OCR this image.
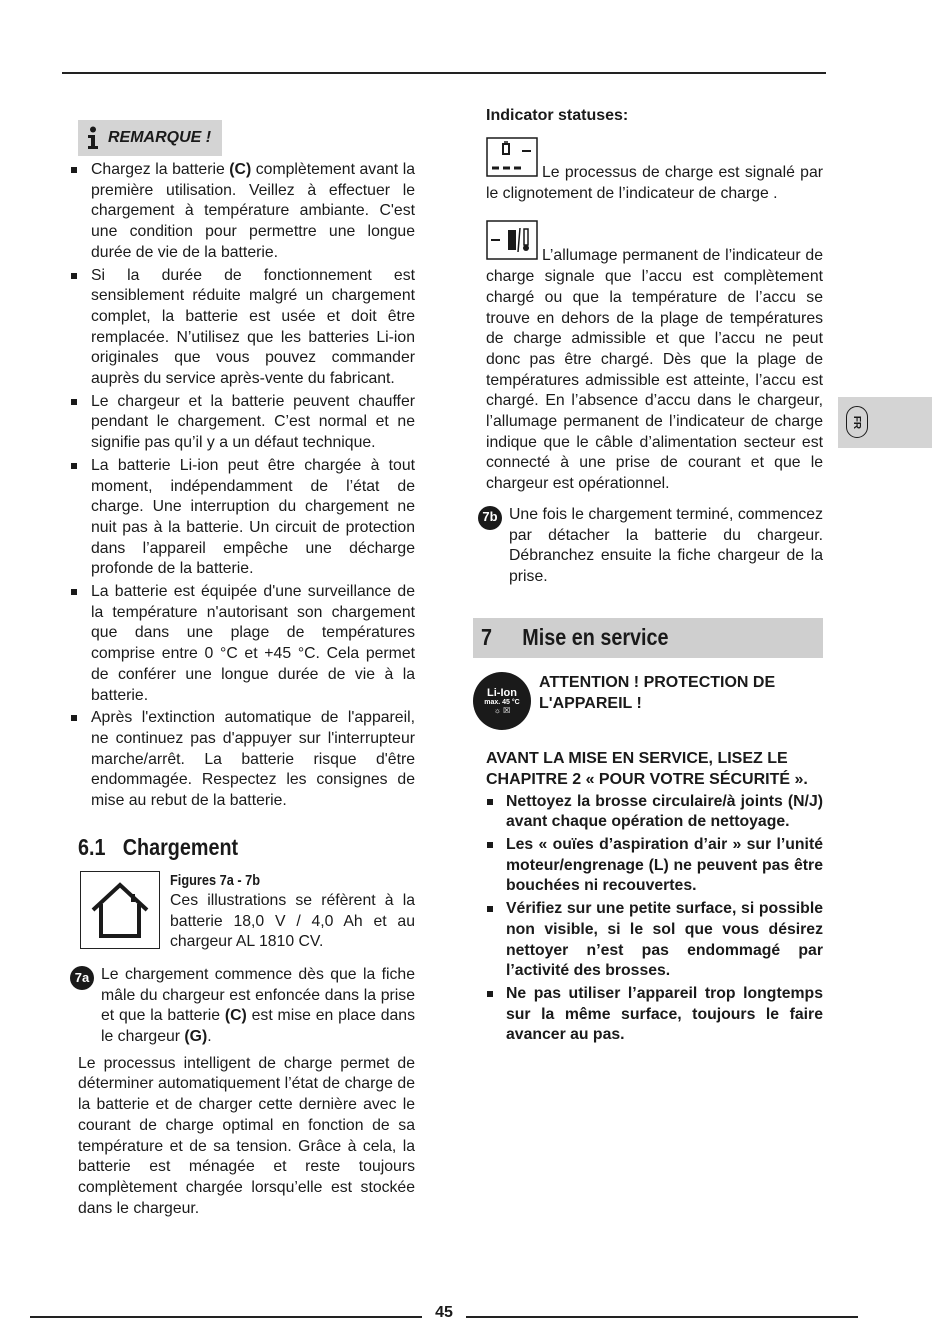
REMARQUE !
Chargez la batterie (C) complètement avant la première utilisation. Veillez à effectuer le chargement à température ambiante. C'est une condition pour permettre une longue durée de vie de la batterie.
Si la durée de fonctionnement est sensiblement réduite malgré un chargement complet, la batterie est usée et doit être remplacée. N’utilisez que les batteries Li-ion originales que vous pouvez commander auprès du service après-vente du fabricant.
Le chargeur et la batterie peuvent chauffer pendant le chargement. C’est normal et ne signifie pas qu’il y a un défaut technique.
La batterie Li-ion peut être chargée à tout moment, indépendamment de l’état de charge. Une interruption du chargement ne nuit pas à la batterie. Un circuit de protection dans l’appareil empêche une décharge profonde de la batterie.
La batterie est équipée d'une surveillance de la température n'autorisant son chargement que dans une plage de températures comprise entre 0 °C et +45 °C. Cela permet de conférer une longue durée de vie à la batterie.
Après l'extinction automatique de l'appareil, ne continuez pas d'appuyer sur l'interrupteur marche/arrêt. La batterie risque d'être endommagée. Respectez les consignes de mise au rebut de la batterie.
6.1 Chargement
Figures 7a - 7b

Ces illustrations se réfèrent à la batterie 18,0 V / 4,0 Ah et au chargeur AL 1810 CV.

7a Le chargement commence dès que la fiche mâle du chargeur est enfoncée dans la prise et que la batterie (C) est mise en place dans le chargeur (G).

Le processus intelligent de charge permet de déterminer automatiquement l’état de charge de la batterie et de charger cette dernière avec le courant de charge optimal en fonction de sa température et de sa tension. Grâce à cela, la batterie est ménagée et reste toujours complètement chargée lorsqu’elle est stockée dans le chargeur.

Indicator statuses:

Le processus de charge est signalé par le clignotement de l’indicateur de charge .

L’allumage permanent de l’indicateur de charge signale que l’accu est complètement chargé ou que la température de l’accu se trouve en dehors de la plage de températures de charge admissible et que l’accu ne peut donc pas être chargé. Dès que la plage de températures admissible est atteinte, l’accu est chargé. En l’absence d’accu dans le chargeur, l’allumage permanent de l’indicateur de charge indique que le câble d’alimentation secteur est connecté à une prise de courant et que le chargeur est opérationnel.

7b Une fois le chargement terminé, commencez par détacher la batterie du chargeur. Débranchez ensuite la fiche chargeur de la prise.

7	Mise en service
Li-Ion
max. 45 °C
☼ ☒

ATTENTION ! PROTECTION DE L'APPAREIL !

AVANT LA MISE EN SERVICE, LISEZ LE CHAPITRE 2 « POUR VOTRE SÉCURITÉ ».

Nettoyez la brosse circulaire/à joints (N/J) avant chaque opération de nettoyage.
Les « ouïes d’aspiration d’air » sur l’unité moteur/engrenage (L) ne peuvent pas être bouchées ni recouvertes.
Vérifiez sur une petite surface, si possible non visible, si le sol que vous désirez nettoyer n’est pas endommagé par l’activité des brosses.
Ne pas utiliser l’appareil trop longtemps sur la même surface, toujours le faire avancer au pas.
FR
45
